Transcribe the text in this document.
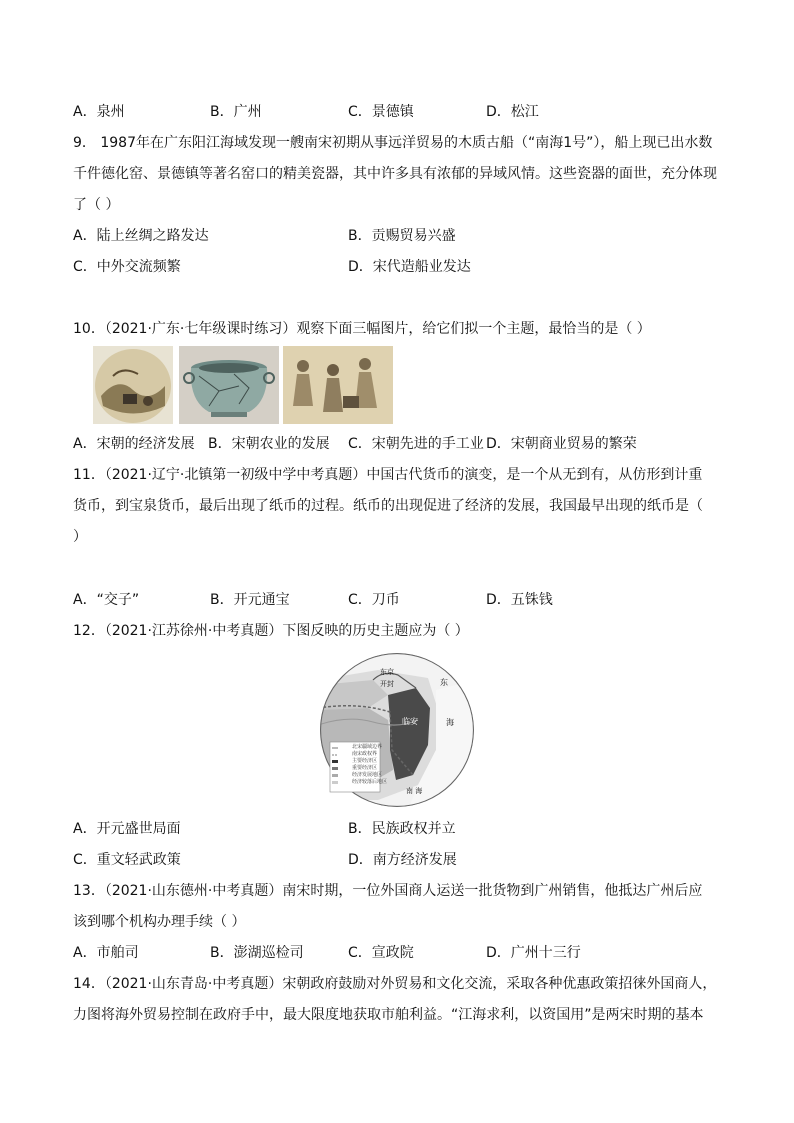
A．泉州	B．广州	C．景德镇	D．松江
9． 1987年在广东阳江海域发现一艘南宋初期从事远洋贸易的木质古船（“南海1号”），船上现已出水数
千件德化窑、景德镇等著名窑口的精美瓷器，其中许多具有浓郁的异域风情。这些瓷器的面世，充分体现
了（ ）
A．陆上丝绸之路发达	B．贡赐贸易兴盛
C．中外交流频繁	D．宋代造船业发达
10．（2021·广东·七年级课时练习）观察下面三幅图片，给它们拟一个主题，最恰当的是（ ）
A．宋朝的经济发展 B．宋朝农业的发展 C．宋朝先进的手工业 D．宋朝商业贸易的繁荣
11．（2021·辽宁·北镇第一初级中学中考真题）中国古代货币的演变，是一个从无到有，从仿形到计重
货币，到宝泉货币，最后出现了纸币的过程。纸币的出现促进了经济的发展，我国最早出现的纸币是（
）
A．“交子”	B．开元通宝	C．刀币	D．五铢钱
12．（2021·江苏徐州·中考真题）下图反映的历史主题应为（ ）
东京
开封
临安
东
海
南 海
北宋疆域边界
南宋政权界
主要经济区
重要经济区
经济发展地区
经济较落后地区
A．开元盛世局面	B．民族政权并立
C．重文轻武政策	D．南方经济发展
13．（2021·山东德州·中考真题）南宋时期，一位外国商人运送一批货物到广州销售，他抵达广州后应
该到哪个机构办理手续（ ）
A．市舶司	B．澎湖巡检司	C．宣政院	D．广州十三行
14．（2021·山东青岛·中考真题）宋朝政府鼓励对外贸易和文化交流，采取各种优惠政策招徕外国商人，
力图将海外贸易控制在政府手中，最大限度地获取市舶利益。“江海求利，以资国用”是两宋时期的基本
